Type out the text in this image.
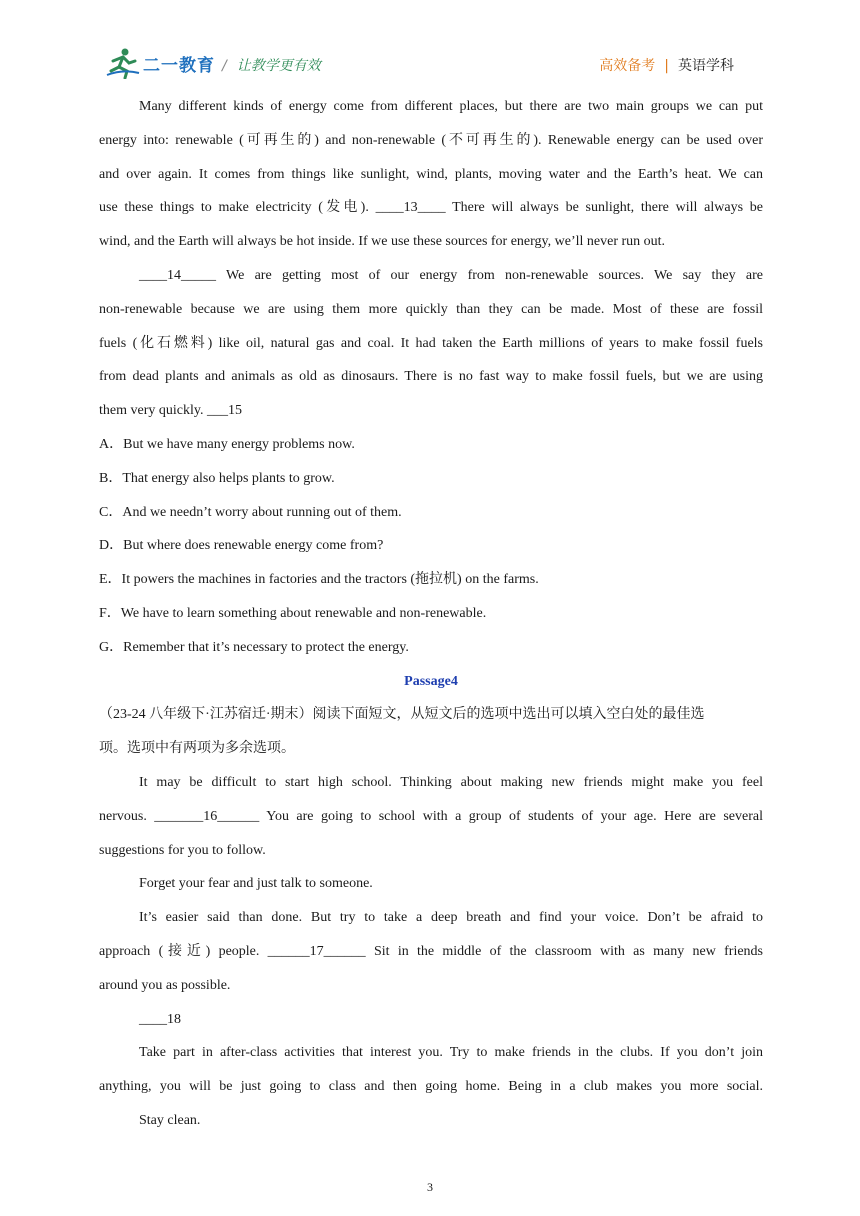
二一教育 / 让教学更有效	高效备考 | 英语学科
Many different kinds of energy come from different places, but there are two main groups we can put
energy into: renewable (可再生的) and non-renewable (不可再生的). Renewable energy can be used over
and over again. It comes from things like sunlight, wind, plants, moving water and the Earth’s heat. We can
use these things to make electricity (发电). ____13____ There will always be sunlight, there will always be
wind, and the Earth will always be hot inside. If we use these sources for energy, we’ll never run out.
____14_____ We are getting most of our energy from non-renewable sources. We say they are
non-renewable because we are using them more quickly than they can be made. Most of these are fossil
fuels (化石燃料) like oil, natural gas and coal. It had taken the Earth millions of years to make fossil fuels
from dead plants and animals as old as dinosaurs. There is no fast way to make fossil fuels, but we are using
them very quickly. ___15
A．But we have many energy problems now.
B．That energy also helps plants to grow.
C．And we needn’t worry about running out of them.
D．But where does renewable energy come from?
E．It powers the machines in factories and the tractors (拖拉机) on the farms.
F．We have to learn something about renewable and non-renewable.
G．Remember that it’s necessary to protect the energy.
Passage4
（23-24 八年级下·江苏宿迁·期末）阅读下面短文，从短文后的选项中选出可以填入空白处的最佳选
项。选项中有两项为多余选项。
It may be difficult to start high school. Thinking about making new friends might make you feel
nervous. _______16______ You are going to school with a group of students of your age. Here are several
suggestions for you to follow.
Forget your fear and just talk to someone.
It’s easier said than done. But try to take a deep breath and find your voice. Don’t be afraid to
approach (接近) people. ______17______ Sit in the middle of the classroom with as many new friends
around you as possible.
____18
Take part in after-class activities that interest you. Try to make friends in the clubs. If you don’t join
anything, you will be just going to class and then going home. Being in a club makes you more social.
Stay clean.
3
